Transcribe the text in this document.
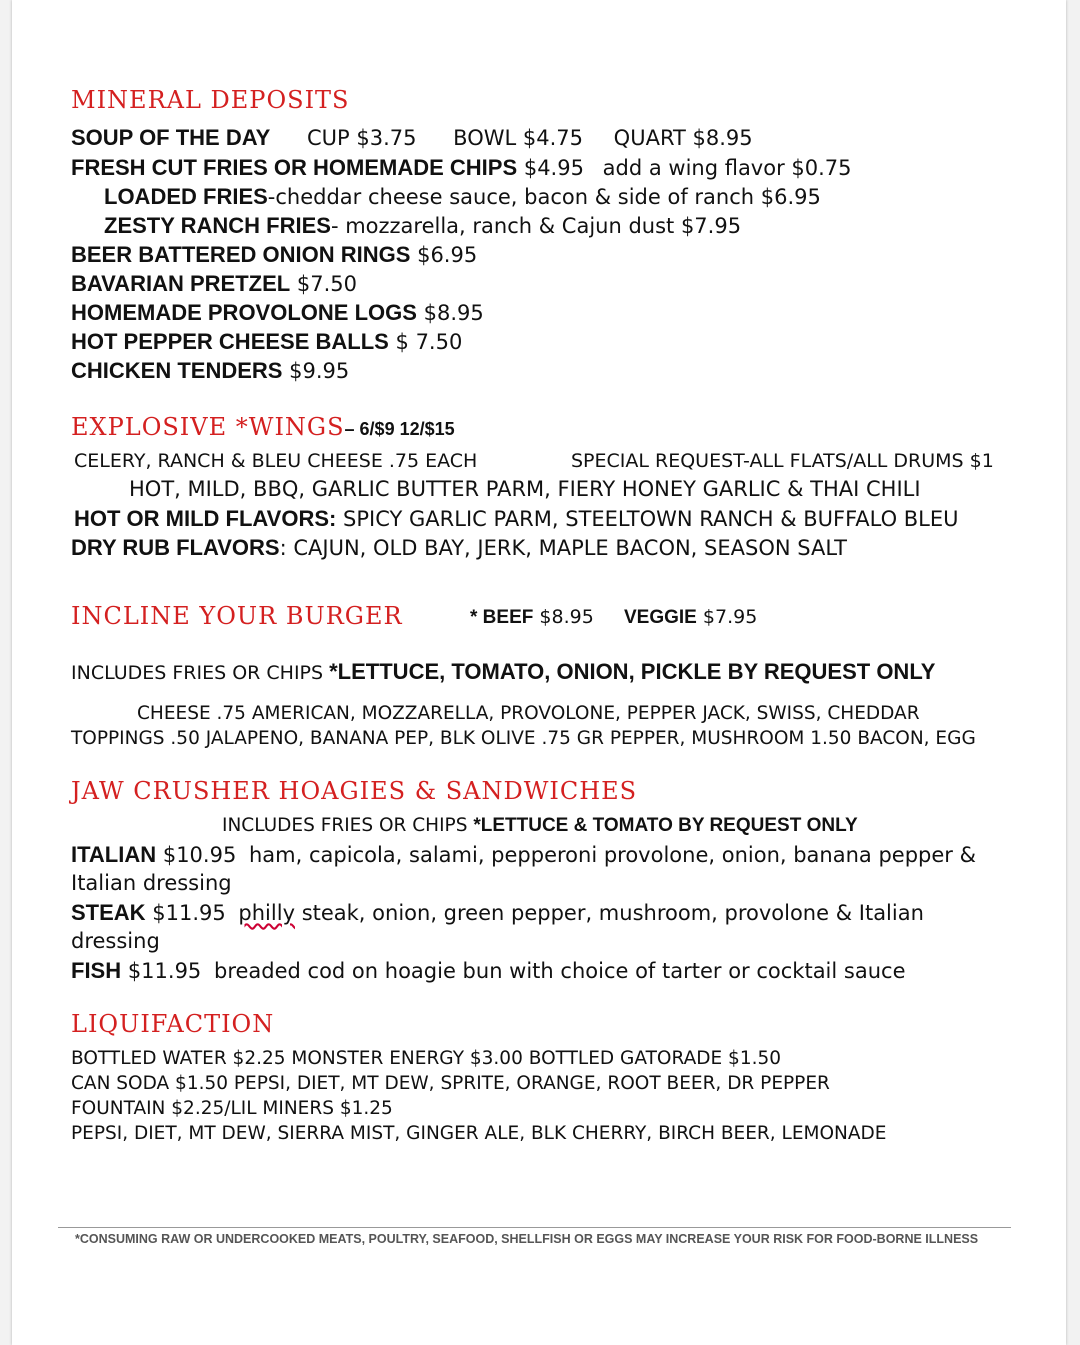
MINERAL DEPOSITS
SOUP OF THE DAY CUP $3.75 BOWL $4.75 QUART $8.95
FRESH CUT FRIES OR HOMEMADE CHIPS $4.95 add a wing flavor $0.75
LOADED FRIES-cheddar cheese sauce, bacon & side of ranch $6.95
ZESTY RANCH FRIES- mozzarella, ranch & Cajun dust $7.95
BEER BATTERED ONION RINGS $6.95
BAVARIAN PRETZEL $7.50
HOMEMADE PROVOLONE LOGS $8.95
HOT PEPPER CHEESE BALLS $ 7.50
CHICKEN TENDERS $9.95
EXPLOSIVE *WINGS– 6/$9 12/$15
CELERY, RANCH & BLEU CHEESE .75 EACH	SPECIAL REQUEST-ALL FLATS/ALL DRUMS $1
HOT, MILD, BBQ, GARLIC BUTTER PARM, FIERY HONEY GARLIC & THAI CHILI
HOT OR MILD FLAVORS: SPICY GARLIC PARM, STEELTOWN RANCH & BUFFALO BLEU
DRY RUB FLAVORS: CAJUN, OLD BAY, JERK, MAPLE BACON, SEASON SALT
INCLINE YOUR BURGER	* BEEF $8.95 VEGGIE $7.95
INCLUDES FRIES OR CHIPS *LETTUCE, TOMATO, ONION, PICKLE BY REQUEST ONLY
CHEESE .75 AMERICAN, MOZZARELLA, PROVOLONE, PEPPER JACK, SWISS, CHEDDAR
TOPPINGS .50 JALAPENO, BANANA PEP, BLK OLIVE .75 GR PEPPER, MUSHROOM 1.50 BACON, EGG
JAW CRUSHER HOAGIES & SANDWICHES
INCLUDES FRIES OR CHIPS *LETTUCE & TOMATO BY REQUEST ONLY
ITALIAN $10.95 ham, capicola, salami, pepperoni provolone, onion, banana pepper &
Italian dressing
STEAK $11.95 philly steak, onion, green pepper, mushroom, provolone & Italian
dressing
FISH $11.95 breaded cod on hoagie bun with choice of tarter or cocktail sauce
LIQUIFACTION
BOTTLED WATER $2.25 MONSTER ENERGY $3.00 BOTTLED GATORADE $1.50
CAN SODA $1.50 PEPSI, DIET, MT DEW, SPRITE, ORANGE, ROOT BEER, DR PEPPER
FOUNTAIN $2.25/LIL MINERS $1.25
PEPSI, DIET, MT DEW, SIERRA MIST, GINGER ALE, BLK CHERRY, BIRCH BEER, LEMONADE
*CONSUMING RAW OR UNDERCOOKED MEATS, POULTRY, SEAFOOD, SHELLFISH OR EGGS MAY INCREASE YOUR RISK FOR FOOD-BORNE ILLNESS
